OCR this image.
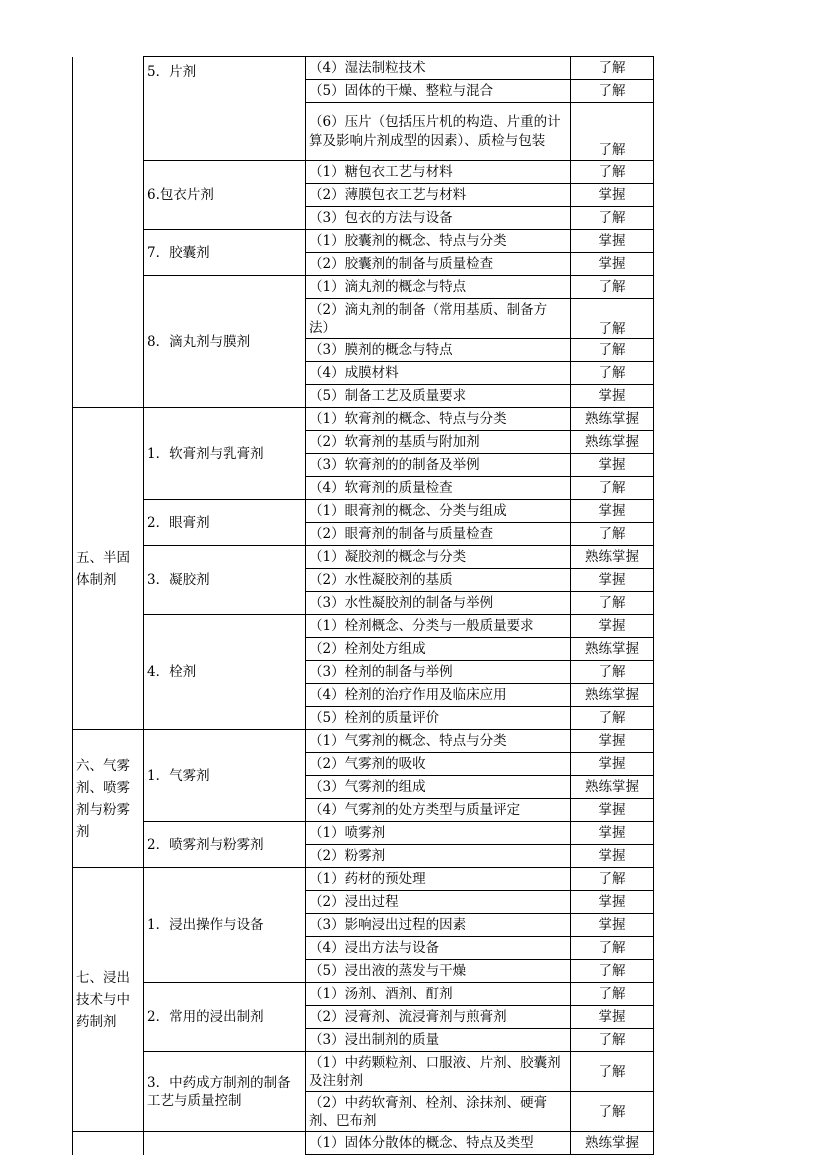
	5．片剂	（4）湿法制粒技术	了解
		（5）固体的干燥、整粒与混合	了解
		（6）压片（包括压片机的构造、片重的计算及影响片剂成型的因素）、质检与包装	了解
	6.包衣片剂	（1）糖包衣工艺与材料	了解
		（2）薄膜包衣工艺与材料	掌握
		（3）包衣的方法与设备	了解
	7．胶囊剂	（1）胶囊剂的概念、特点与分类	掌握
		（2）胶囊剂的制备与质量检查	掌握
	8．滴丸剂与膜剂	（1）滴丸剂的概念与特点	了解
		（2）滴丸剂的制备（常用基质、制备方法）	了解
		（3）膜剂的概念与特点	了解
		（4）成膜材料	了解
		（5）制备工艺及质量要求	掌握
五、半固体制剂	1．软膏剂与乳膏剂	（1）软膏剂的概念、特点与分类	熟练掌握
		（2）软膏剂的基质与附加剂	熟练掌握
		（3）软膏剂的的制备及举例	掌握
		（4）软膏剂的质量检查	了解
	2．眼膏剂	（1）眼膏剂的概念、分类与组成	掌握
		（2）眼膏剂的制备与质量检查	了解
	3．凝胶剂	（1）凝胶剂的概念与分类	熟练掌握
		（2）水性凝胶剂的基质	掌握
		（3）水性凝胶剂的制备与举例	了解
	4．栓剂	（1）栓剂概念、分类与一般质量要求	掌握
		（2）栓剂处方组成	熟练掌握
		（3）栓剂的制备与举例	了解
		（4）栓剂的治疗作用及临床应用	熟练掌握
		（5）栓剂的质量评价	了解
六、气雾剂、喷雾剂与粉雾剂	1．气雾剂	（1）气雾剂的概念、特点与分类	掌握
		（2）气雾剂的吸收	掌握
		（3）气雾剂的组成	熟练掌握
		（4）气雾剂的处方类型与质量评定	掌握
	2．喷雾剂与粉雾剂	（1）喷雾剂	掌握
		（2）粉雾剂	掌握
七、浸出技术与中药制剂	1．浸出操作与设备	（1）药材的预处理	了解
		（2）浸出过程	掌握
		（3）影响浸出过程的因素	掌握
		（4）浸出方法与设备	了解
		（5）浸出液的蒸发与干燥	了解
	2．常用的浸出制剂	（1）汤剂、酒剂、酊剂	了解
		（2）浸膏剂、流浸膏剂与煎膏剂	掌握
		（3）浸出制剂的质量	了解
	3．中药成方制剂的制备工艺与质量控制	（1）中药颗粒剂、口服液、片剂、胶囊剂及注射剂	了解
		（2）中药软膏剂、栓剂、涂抹剂、硬膏剂、巴布剂	了解
		（1）固体分散体的概念、特点及类型	熟练掌握
